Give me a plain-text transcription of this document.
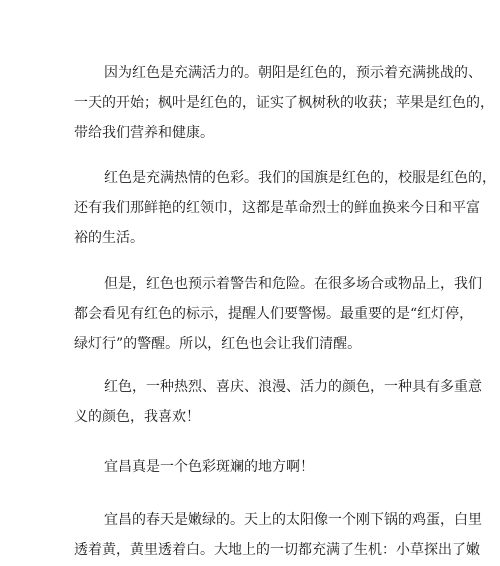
因为红色是充满活力的。朝阳是红色的，预示着充满挑战的、
一天的开始；枫叶是红色的，证实了枫树秋的收获；苹果是红色的，
带给我们营养和健康。
红色是充满热情的色彩。我们的国旗是红色的，校服是红色的，
还有我们那鲜艳的红领巾，这都是革命烈士的鲜血换来今日和平富
裕的生活。
但是，红色也预示着警告和危险。在很多场合或物品上，我们
都会看见有红色的标示，提醒人们要警惕。最重要的是“红灯停，
绿灯行”的警醒。所以，红色也会让我们清醒。
红色，一种热烈、喜庆、浪漫、活力的颜色，一种具有多重意
义的颜色，我喜欢！
宜昌真是一个色彩斑斓的地方啊！
宜昌的春天是嫩绿的。天上的太阳像一个刚下锅的鸡蛋，白里
透着黄，黄里透着白。大地上的一切都充满了生机：小草探出了嫩
